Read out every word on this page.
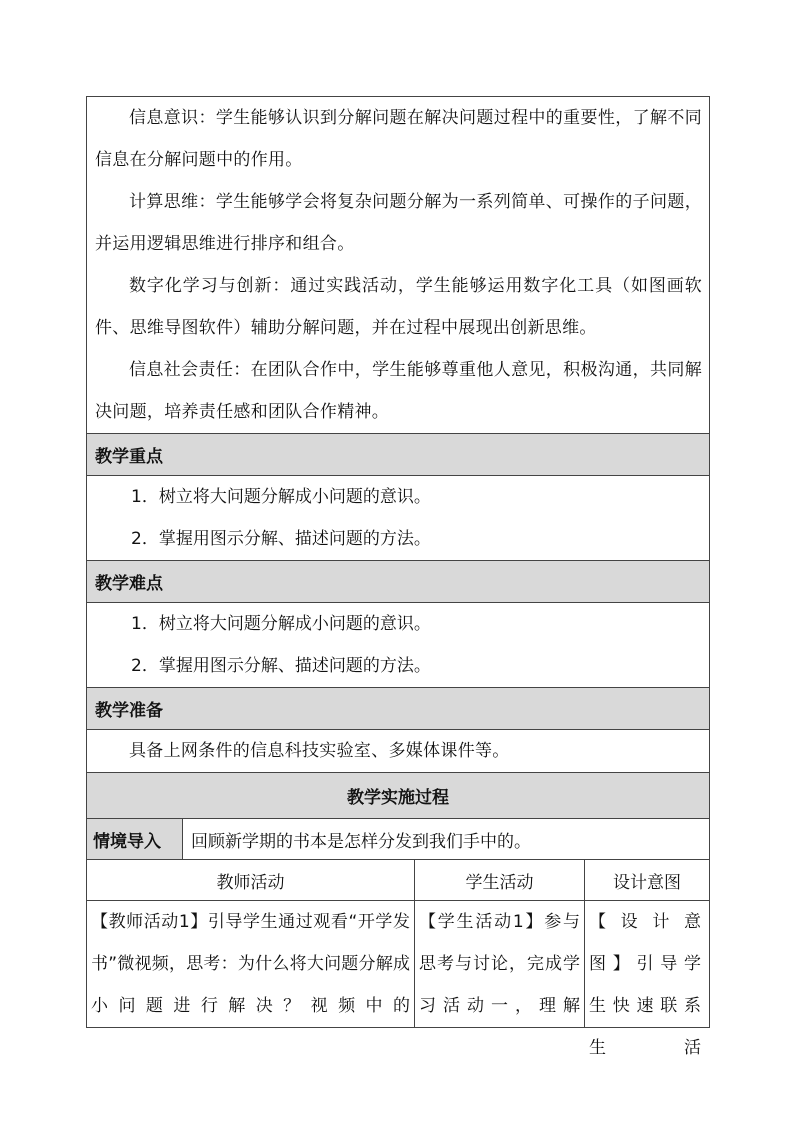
信息意识：学生能够认识到分解问题在解决问题过程中的重要性，了解不同信息在分解问题中的作用。
计算思维：学生能够学会将复杂问题分解为一系列简单、可操作的子问题，并运用逻辑思维进行排序和组合。
数字化学习与创新：通过实践活动，学生能够运用数字化工具（如图画软件、思维导图软件）辅助分解问题，并在过程中展现出创新思维。
信息社会责任：在团队合作中，学生能够尊重他人意见，积极沟通，共同解决问题，培养责任感和团队合作精神。			

教学重点			

1．树立将大问题分解成小问题的意识。
2．掌握用图示分解、描述问题的方法。			

教学难点			

1．树立将大问题分解成小问题的意识。
2．掌握用图示分解、描述问题的方法。			

教学准备			

具备上网条件的信息科技实验室、多媒体课件等。			

教学实施过程			
情境导入	回顾新学期的书本是怎样分发到我们手中的。		
教师活动		学生活动	设计意图

【教师活动1】引导学生通过观看“开学发书”微视频，思考：为什么将大问题分解成小问题进行解决？视频中的		【学生活动1】参与思考与讨论，完成学习活动一，理解	【设计意图】引导学生快速联系生活
